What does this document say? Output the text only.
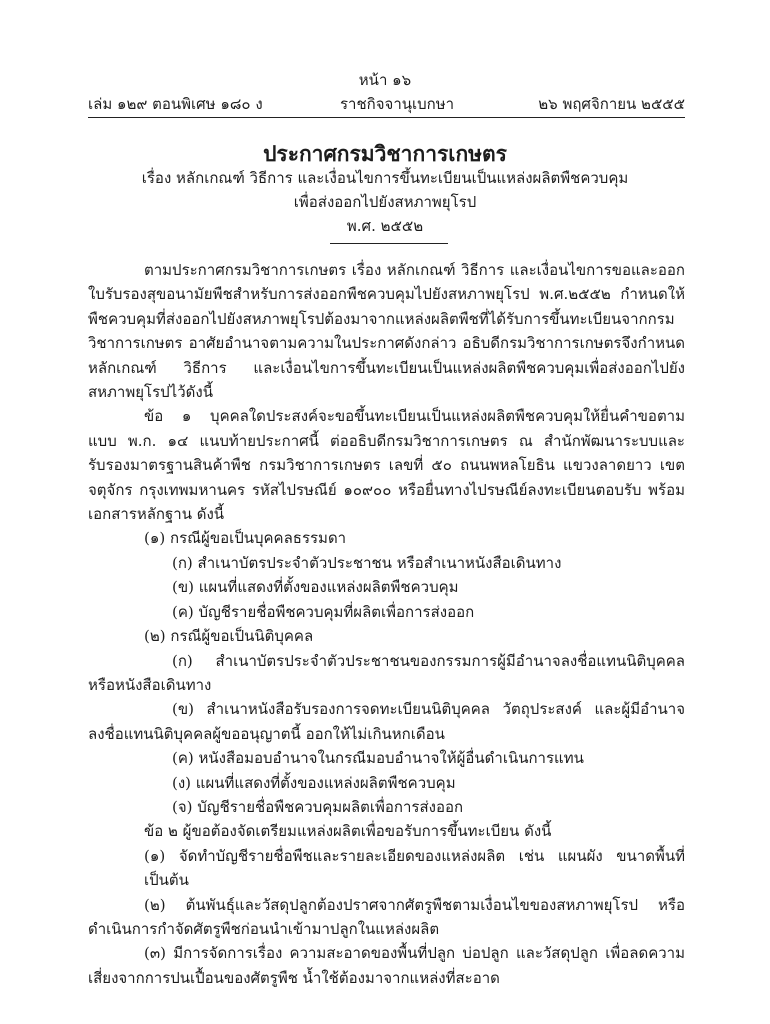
หน้า ๑๖
เล่ม ๑๒๙ ตอนพิเศษ ๑๘๐ ง	ราชกิจจานุเบกษา	๒๖ พฤศจิกายน ๒๕๕๕
ประกาศกรมวิชาการเกษตร
เรื่อง หลักเกณฑ์ วิธีการ และเงื่อนไขการขึ้นทะเบียนเป็นแหล่งผลิตพืชควบคุม
เพื่อส่งออกไปยังสหภาพยุโรป
พ.ศ. ๒๕๕๒

ตามประกาศกรมวิชาการเกษตร เรื่อง หลักเกณฑ์ วิธีการ และเงื่อนไขการขอและออกใบรับรองสุขอนามัยพืชสำหรับการส่งออกพืชควบคุมไปยังสหภาพยุโรป พ.ศ.๒๕๕๒ กำหนดให้พืชควบคุมที่ส่งออกไปยังสหภาพยุโรปต้องมาจากแหล่งผลิตพืชที่ได้รับการขึ้นทะเบียนจากกรมวิชาการเกษตร อาศัยอำนาจตามความในประกาศดังกล่าว อธิบดีกรมวิชาการเกษตรจึงกำหนดหลักเกณฑ์ วิธีการ และเงื่อนไขการขึ้นทะเบียนเป็นแหล่งผลิตพืชควบคุมเพื่อส่งออกไปยังสหภาพยุโรปไว้ดังนี้

ข้อ ๑ บุคคลใดประสงค์จะขอขึ้นทะเบียนเป็นแหล่งผลิตพืชควบคุมให้ยื่นคำขอตามแบบ พ.ก. ๑๔ แนบท้ายประกาศนี้ ต่ออธิบดีกรมวิชาการเกษตร ณ สำนักพัฒนาระบบและรับรองมาตรฐานสินค้าพืช กรมวิชาการเกษตร เลขที่ ๕๐ ถนนพหลโยธิน แขวงลาดยาว เขตจตุจักร กรุงเทพมหานคร รหัสไปรษณีย์ ๑๐๙๐๐ หรือยื่นทางไปรษณีย์ลงทะเบียนตอบรับ พร้อมเอกสารหลักฐาน ดังนี้

(๑) กรณีผู้ขอเป็นบุคคลธรรมดา

(ก) สำเนาบัตรประจำตัวประชาชน หรือสำเนาหนังสือเดินทาง

(ข) แผนที่แสดงที่ตั้งของแหล่งผลิตพืชควบคุม

(ค) บัญชีรายชื่อพืชควบคุมที่ผลิตเพื่อการส่งออก

(๒) กรณีผู้ขอเป็นนิติบุคคล

(ก) สำเนาบัตรประจำตัวประชาชนของกรรมการผู้มีอำนาจลงชื่อแทนนิติบุคคลหรือหนังสือเดินทาง

(ข) สำเนาหนังสือรับรองการจดทะเบียนนิติบุคคล วัตถุประสงค์ และผู้มีอำนาจลงชื่อแทนนิติบุคคลผู้ขออนุญาตนี้ ออกให้ไม่เกินหกเดือน

(ค) หนังสือมอบอำนาจในกรณีมอบอำนาจให้ผู้อื่นดำเนินการแทน

(ง) แผนที่แสดงที่ตั้งของแหล่งผลิตพืชควบคุม

(จ) บัญชีรายชื่อพืชควบคุมผลิตเพื่อการส่งออก

ข้อ ๒ ผู้ขอต้องจัดเตรียมแหล่งผลิตเพื่อขอรับการขึ้นทะเบียน ดังนี้

(๑) จัดทำบัญชีรายชื่อพืชและรายละเอียดของแหล่งผลิต เช่น แผนผัง ขนาดพื้นที่ เป็นต้น

(๒) ต้นพันธุ์และวัสดุปลูกต้องปราศจากศัตรูพืชตามเงื่อนไขของสหภาพยุโรป หรือดำเนินการกำจัดศัตรูพืชก่อนนำเข้ามาปลูกในแหล่งผลิต

(๓) มีการจัดการเรื่อง ความสะอาดของพื้นที่ปลูก บ่อปลูก และวัสดุปลูก เพื่อลดความเสี่ยงจากการปนเปื้อนของศัตรูพืช น้ำใช้ต้องมาจากแหล่งที่สะอาด
